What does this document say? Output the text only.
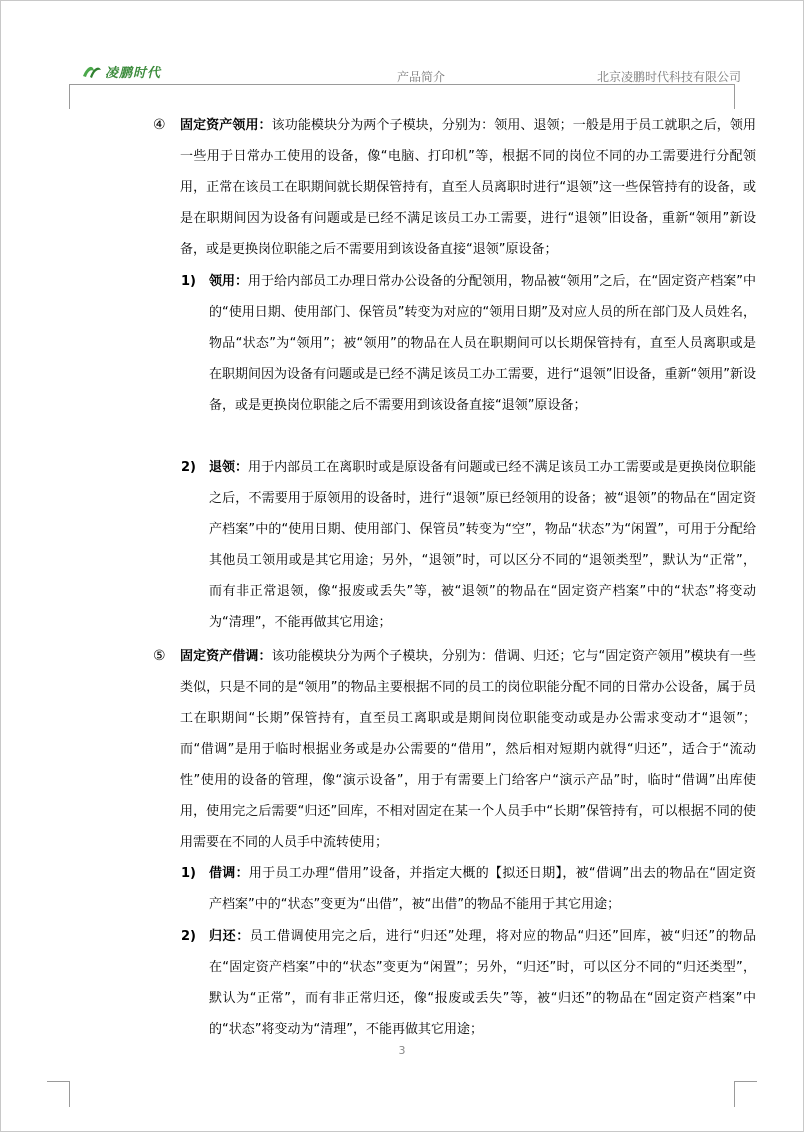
凌鹏时代	产品简介	北京凌鹏时代科技有限公司
④ 固定资产领用：该功能模块分为两个子模块，分别为：领用、退领；一般是用于员工就职之后，领用一些用于日常办工使用的设备，像“电脑、打印机”等，根据不同的岗位不同的办工需要进行分配领用，正常在该员工在职期间就长期保管持有，直至人员离职时进行“退领”这一些保管持有的设备，或是在职期间因为设备有问题或是已经不满足该员工办工需要，进行“退领”旧设备，重新“领用”新设备，或是更换岗位职能之后不需要用到该设备直接“退领”原设备；
1) 领用：用于给内部员工办理日常办公设备的分配领用，物品被“领用”之后，在“固定资产档案”中的“使用日期、使用部门、保管员”转变为对应的“领用日期”及对应人员的所在部门及人员姓名，物品“状态”为“领用”；被“领用”的物品在人员在职期间可以长期保管持有，直至人员离职或是在职期间因为设备有问题或是已经不满足该员工办工需要，进行“退领”旧设备，重新“领用”新设备，或是更换岗位职能之后不需要用到该设备直接“退领”原设备；
2) 退领：用于内部员工在离职时或是原设备有问题或已经不满足该员工办工需要或是更换岗位职能之后，不需要用于原领用的设备时，进行“退领”原已经领用的设备；被“退领”的物品在“固定资产档案”中的“使用日期、使用部门、保管员”转变为“空”，物品“状态”为“闲置”，可用于分配给其他员工领用或是其它用途；另外，“退领”时，可以区分不同的“退领类型”，默认为“正常”，而有非正常退领，像“报废或丢失”等，被“退领”的物品在“固定资产档案”中的“状态”将变动为“清理”，不能再做其它用途；
⑤ 固定资产借调：该功能模块分为两个子模块，分别为：借调、归还；它与“固定资产领用”模块有一些类似，只是不同的是“领用”的物品主要根据不同的员工的岗位职能分配不同的日常办公设备，属于员工在职期间“长期”保管持有，直至员工离职或是期间岗位职能变动或是办公需求变动才“退领”；而“借调”是用于临时根据业务或是办公需要的“借用”，然后相对短期内就得“归还”，适合于“流动性”使用的设备的管理，像“演示设备”，用于有需要上门给客户“演示产品”时，临时“借调”出库使用，使用完之后需要“归还”回库，不相对固定在某一个人员手中“长期”保管持有，可以根据不同的使用需要在不同的人员手中流转使用；
1) 借调：用于员工办理“借用”设备，并指定大概的【拟还日期】，被“借调”出去的物品在“固定资产档案”中的“状态”变更为“出借”，被“出借”的物品不能用于其它用途；
2) 归还：员工借调使用完之后，进行“归还”处理，将对应的物品“归还”回库，被“归还”的物品在“固定资产档案”中的“状态”变更为“闲置”；另外，“归还”时，可以区分不同的“归还类型”，默认为“正常”，而有非正常归还，像“报废或丢失”等，被“归还”的物品在“固定资产档案”中的“状态”将变动为“清理”，不能再做其它用途；
3
